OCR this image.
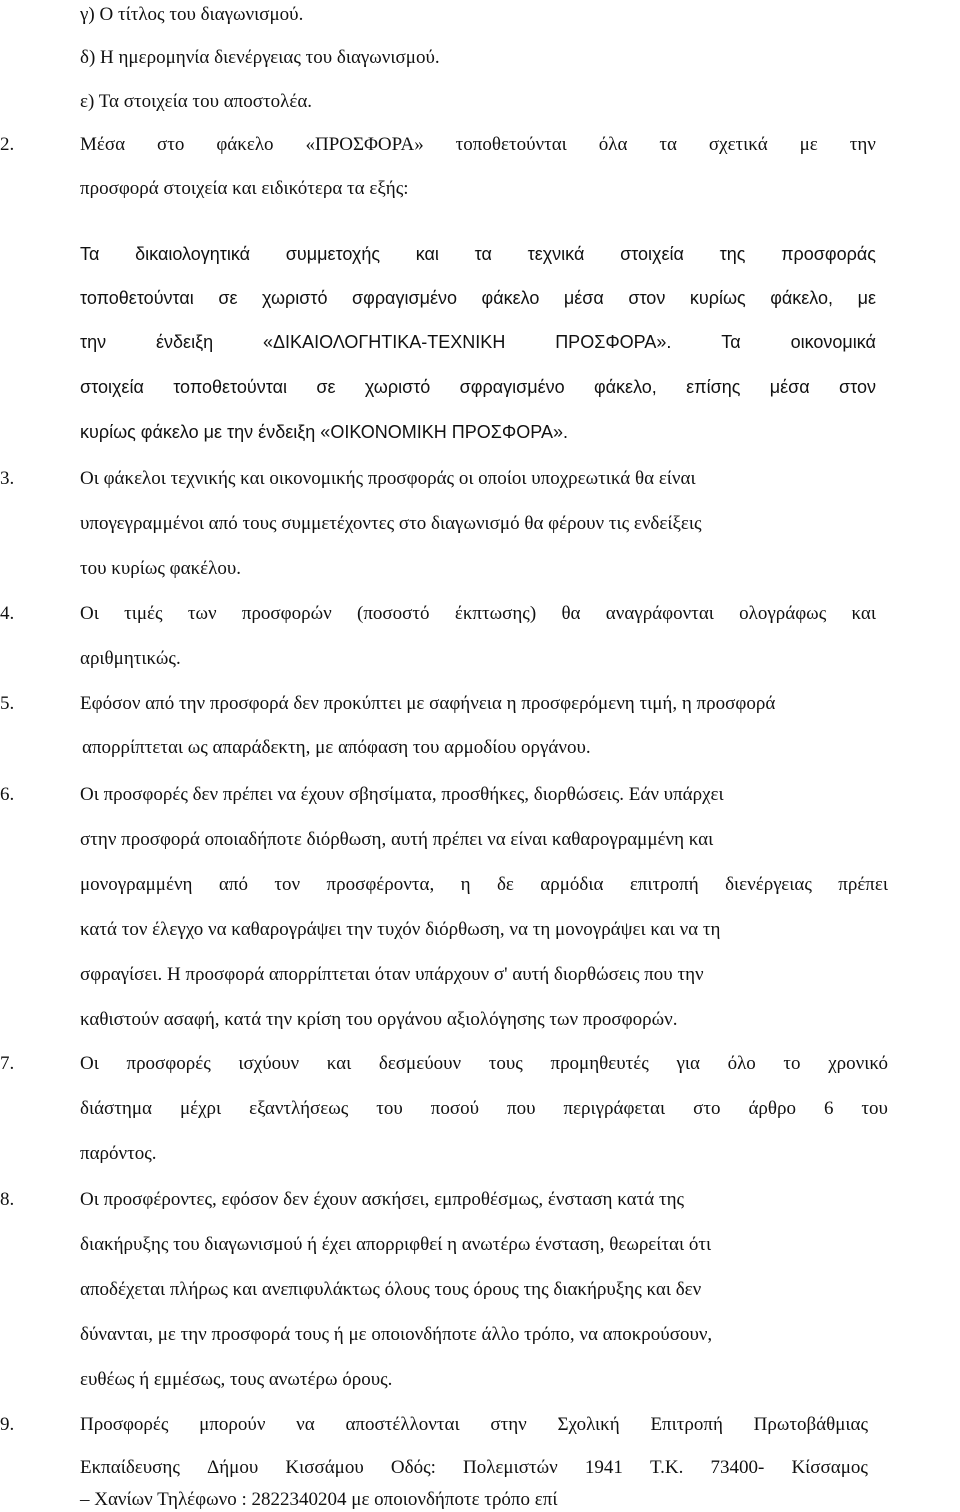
γ) Ο τίτλος του διαγωνισμού.
δ) Η ημερομηνία διενέργειας του διαγωνισμού.
ε) Τα στοιχεία του αποστολέα.
2.	Μέσα στο φάκελο «ΠΡΟΣΦΟΡΑ» τοποθετούνται όλα τα σχετικά με την
προσφορά στοιχεία και ειδικότερα τα εξής:
Τα δικαιολογητικά συμμετοχής και τα τεχνικά στοιχεία της προσφοράς
τοποθετούνται σε χωριστό σφραγισμένο φάκελο μέσα στον κυρίως φάκελο, με
την	ένδειξη	«ΔΙΚΑΙΟΛΟΓΗΤΙΚΑ-ΤΕΧΝΙΚΗ	ΠΡΟΣΦΟΡΑ».	Τα	οικονομικά
στοιχεία τοποθετούνται σε χωριστό σφραγισμένο φάκελο, επίσης μέσα στον
κυρίως φάκελο με την ένδειξη «ΟΙΚΟΝΟΜΙΚΗ ΠΡΟΣΦΟΡΑ».
3.	Οι φάκελοι τεχνικής και οικονομικής προσφοράς οι οποίοι υποχρεωτικά θα είναι
υπογεγραμμένοι από τους συμμετέχοντες στο διαγωνισμό θα φέρουν τις ενδείξεις
του κυρίως φακέλου.
4.	Οι τιμές των προσφορών (ποσοστό έκπτωσης) θα αναγράφονται ολογράφως και
αριθμητικώς.
5.	Εφόσον από την προσφορά δεν προκύπτει με σαφήνεια η προσφερόμενη τιμή, η προσφορά
απορρίπτεται ως απαράδεκτη, με απόφαση του αρμοδίου οργάνου.
6.	Οι προσφορές δεν πρέπει να έχουν σβησίματα, προσθήκες, διορθώσεις. Εάν υπάρχει
στην προσφορά οποιαδήποτε διόρθωση, αυτή πρέπει να είναι καθαρογραμμένη και
μονογραμμένη από τον προσφέροντα, η δε αρμόδια επιτροπή διενέργειας πρέπει
κατά τον έλεγχο να καθαρογράψει την τυχόν διόρθωση, να τη μονογράψει και να τη
σφραγίσει. Η προσφορά απορρίπτεται όταν υπάρχουν σ' αυτή διορθώσεις που την
καθιστούν ασαφή, κατά την κρίση του οργάνου αξιολόγησης των προσφορών.
7.	Οι προσφορές ισχύουν και δεσμεύουν τους προμηθευτές για όλο το χρονικό
διάστημα μέχρι εξαντλήσεως του ποσού που περιγράφεται στο άρθρο 6 του
παρόντος.
8.	Οι προσφέροντες, εφόσον δεν έχουν ασκήσει, εμπροθέσμως, ένσταση κατά της
διακήρυξης του διαγωνισμού ή έχει απορριφθεί η ανωτέρω ένσταση, θεωρείται ότι
αποδέχεται πλήρως και ανεπιφυλάκτως όλους τους όρους της διακήρυξης και δεν
δύνανται, με την προσφορά τους ή με οποιονδήποτε άλλο τρόπο, να αποκρούσουν,
ευθέως ή εμμέσως, τους ανωτέρω όρους.
9.	Προσφορές μπορούν να αποστέλλονται στην Σχολική Επιτροπή Πρωτοβάθμιας
Εκπαίδευσης Δήμου Κισσάμου Οδός: Πολεμιστών 1941 Τ.Κ. 73400- Κίσσαμος
– Χανίων Τηλέφωνο : 2822340204 με οποιονδήποτε τρόπο επί
